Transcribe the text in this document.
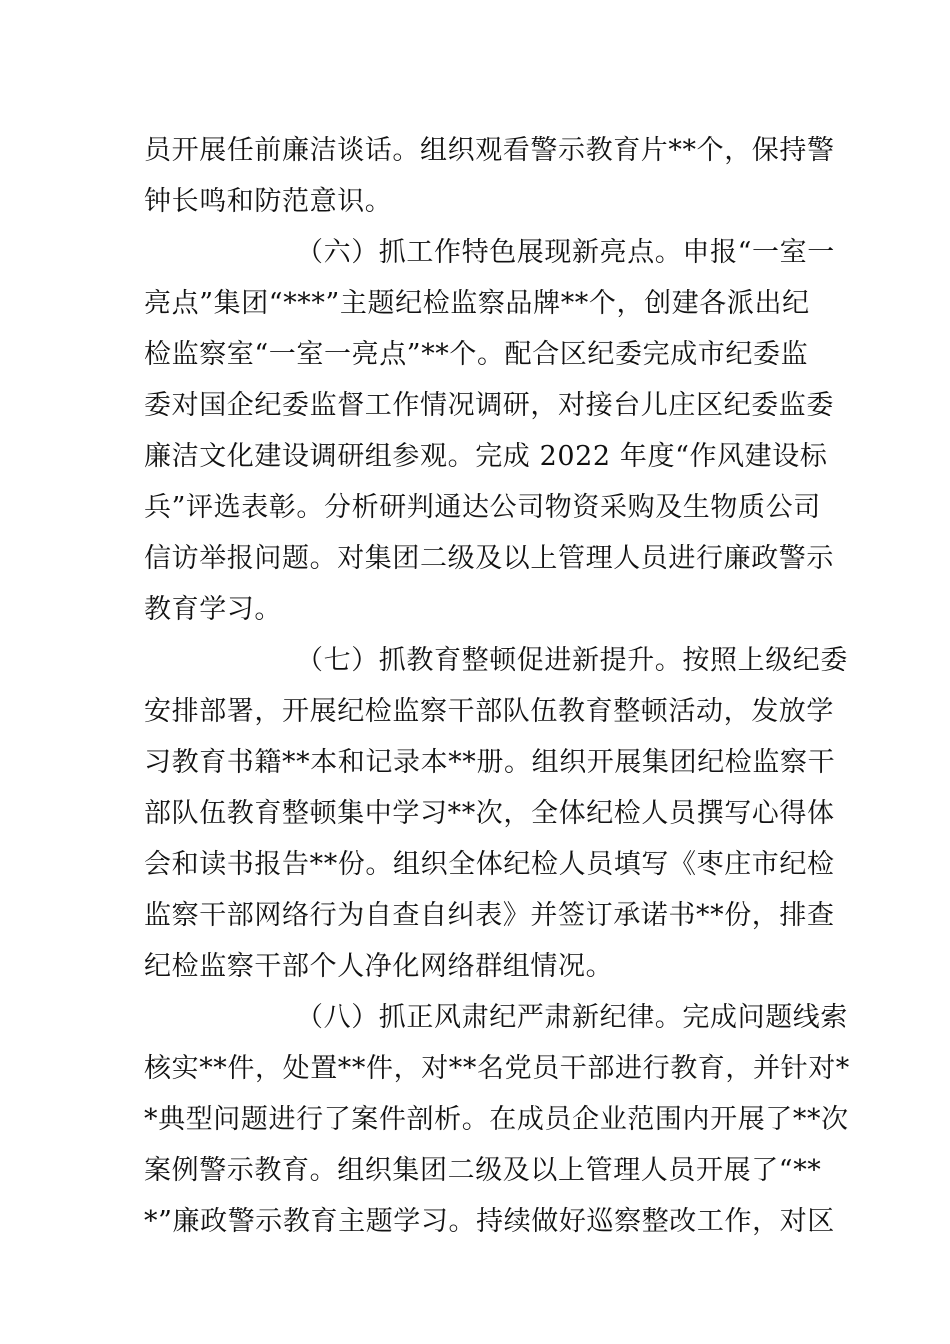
员开展任前廉洁谈话。组织观看警示教育片**个，保持警
钟长鸣和防范意识。
（六）抓工作特色展现新亮点。申报“一室一
亮点”集团“***”主题纪检监察品牌**个，创建各派出纪
检监察室“一室一亮点”**个。配合区纪委完成市纪委监
委对国企纪委监督工作情况调研，对接台儿庄区纪委监委
廉洁文化建设调研组参观。完成 2022 年度“作风建设标
兵”评选表彰。分析研判通达公司物资采购及生物质公司
信访举报问题。对集团二级及以上管理人员进行廉政警示
教育学习。
（七）抓教育整顿促进新提升。按照上级纪委
安排部署，开展纪检监察干部队伍教育整顿活动，发放学
习教育书籍**本和记录本**册。组织开展集团纪检监察干
部队伍教育整顿集中学习**次，全体纪检人员撰写心得体
会和读书报告**份。组织全体纪检人员填写《枣庄市纪检
监察干部网络行为自查自纠表》并签订承诺书**份，排查
纪检监察干部个人净化网络群组情况。
（八）抓正风肃纪严肃新纪律。完成问题线索
核实**件，处置**件，对**名党员干部进行教育，并针对*
*典型问题进行了案件剖析。在成员企业范围内开展了**次
案例警示教育。组织集团二级及以上管理人员开展了“**
*”廉政警示教育主题学习。持续做好巡察整改工作，对区
